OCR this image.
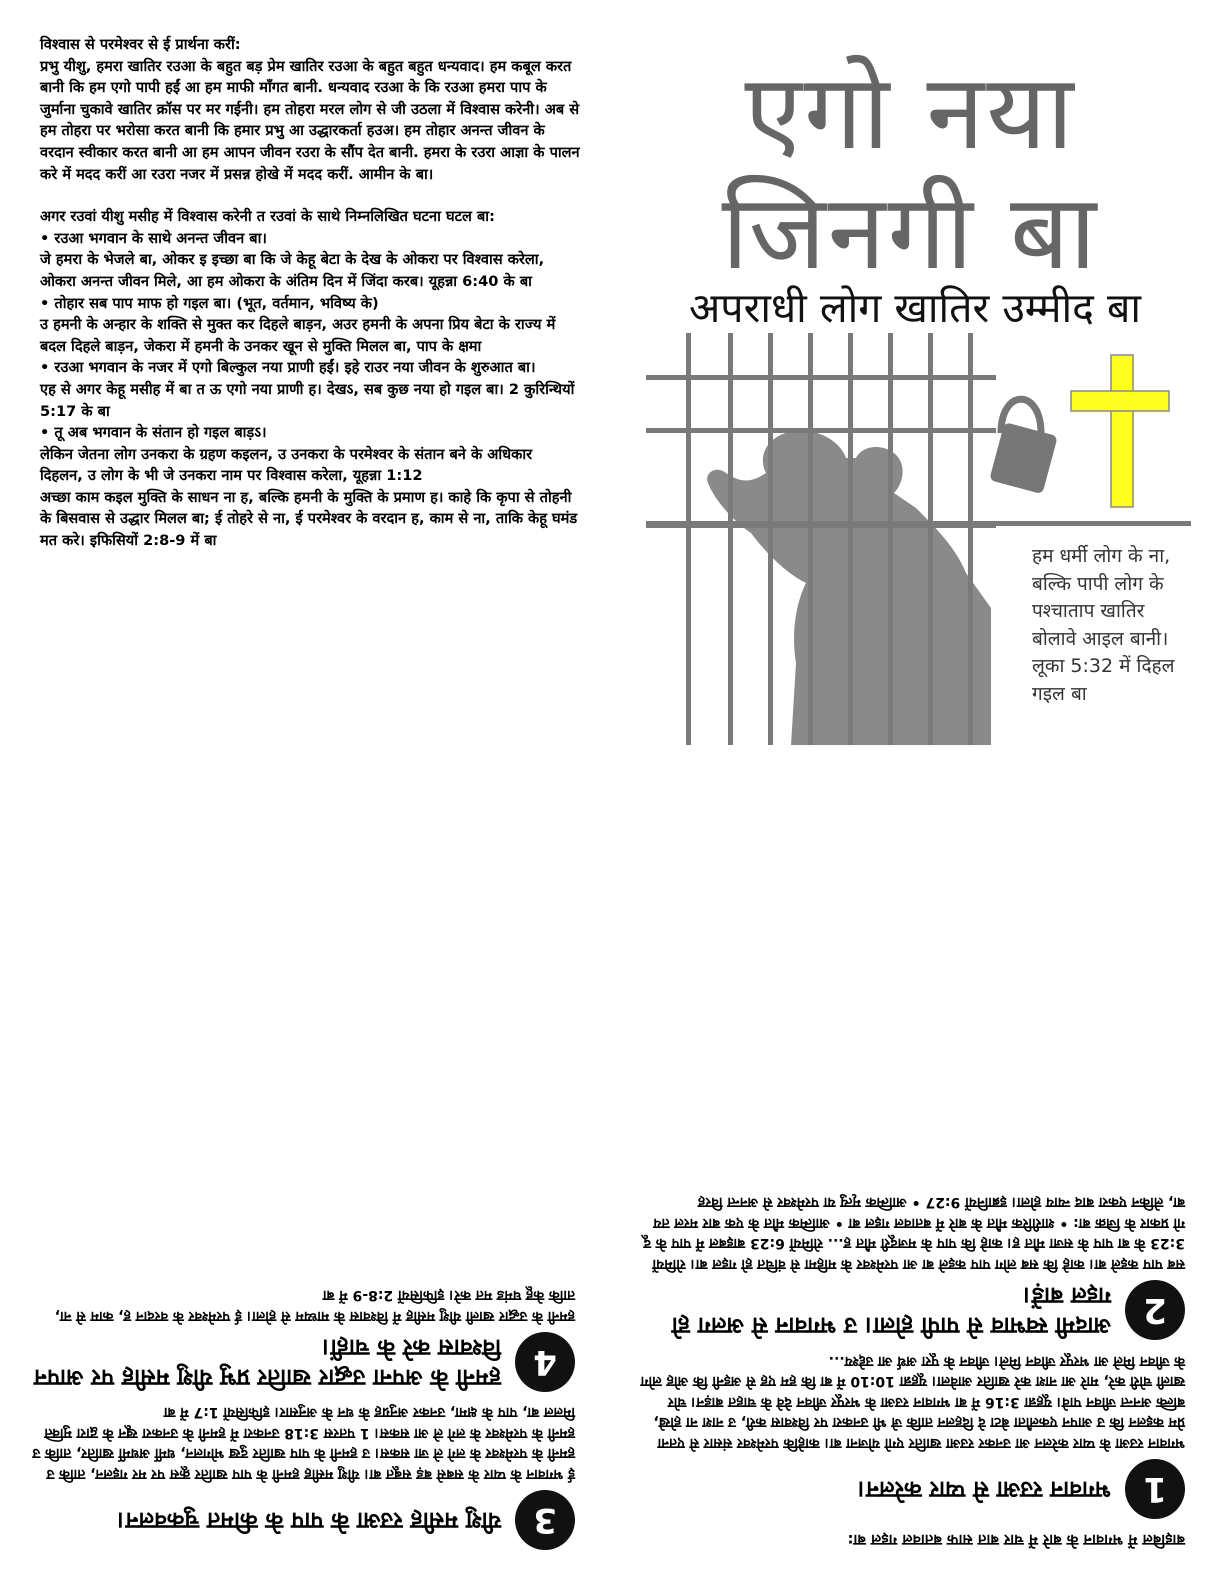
विश्वास से परमेश्वर से ई प्रार्थना करीं:

प्रभु यीशु, हमरा खातिर रउआ के बहुत बड़ प्रेम खातिर रउआ के बहुत बहुत धन्यवाद। हम कबूल करत बानी कि हम एगो पापी हईं आ हम माफी माँगत बानी. धन्यवाद रउआ के कि रउआ हमरा पाप के जुर्माना चुकावे खातिर क्रॉस पर मर गईनी। हम तोहरा मरल लोग से जी उठला में विश्वास करेनी। अब से हम तोहरा पर भरोसा करत बानी कि हमार प्रभु आ उद्धारकर्ता हउअ। हम तोहार अनन्त जीवन के वरदान स्वीकार करत बानी आ हम आपन जीवन रउरा के सौंप देत बानी. हमरा के रउरा आज्ञा के पालन करे में मदद करीं आ रउरा नजर में प्रसन्न होखे में मदद करीं. आमीन के बा।

अगर रउवां यीशु मसीह में विश्वास करेनी त रउवां के साथे निम्नलिखित घटना घटल बा:

• रउआ भगवान के साथे अनन्त जीवन बा।

जे हमरा के भेजले बा, ओकर इ इच्छा बा कि जे केहू बेटा के देख के ओकरा पर विश्वास करेला, ओकरा अनन्त जीवन मिले, आ हम ओकरा के अंतिम दिन में जिंदा करब। यूहन्ना 6:40 के बा

• तोहार सब पाप माफ हो गइल बा। (भूत, वर्तमान, भविष्य के)

उ हमनी के अन्हार के शक्ति से मुक्त कर दिहले बाड़न, अउर हमनी के अपना प्रिय बेटा के राज्य में बदल दिहले बाड़न, जेकरा में हमनी के उनकर खून से मुक्ति मिलल बा, पाप के क्षमा

• रउआ भगवान के नजर में एगो बिल्कुल नया प्राणी हईं। इहे राउर नया जीवन के शुरुआत बा।

एह से अगर केहू मसीह में बा त ऊ एगो नया प्राणी ह। देखऽ, सब कुछ नया हो गइल बा। 2 कुरिन्थियों 5:17 के बा

• तू अब भगवान के संतान हो गइल बाड़ऽ।

लेकिन जेतना लोग उनकरा के ग्रहण कइलन, उ उनकरा के परमेश्वर के संतान बने के अधिकार दिहलन, उ लोग के भी जे उनकरा नाम पर विश्वास करेला, यूहन्ना 1:12

अच्छा काम कइल मुक्ति के साधन ना ह, बल्कि हमनी के मुक्ति के प्रमाण ह। काहे कि कृपा से तोहनी के बिसवास से उद्धार मिलल बा; ई तोहरे से ना, ई परमेश्वर के वरदान ह, काम से ना, ताकि केहू घमंड मत करे। इफिसियों 2:8-9 में बा

एगो नया
जिनगी बा
अपराधी लोग खातिर उम्मीद बा
हम धर्मी लोग के ना, बल्कि पापी लोग के पश्चाताप खातिर बोलावे आइल बानी। लूका 5:32 में दिहल गइल बा

बाइबिल में भगवान के बारे में चार बात साफ बतावल गइल बा:

1
भगवान रउआ से प्यार करेलन।

भगवान रउआ के प्यार करेलन आ उनकर रउआ खातिर एगो योजना बा। काहेकि परमेश्वर संसार से एतना प्रेम कइलन कि उ आपन एकलौता बेटा दे दिहलन ताकि जे भी उनकरा पर विश्वास करी, उ नाश ना होखे, बल्कि अनन्त जीवन पावे। यूहन्ना 3:16 में बा भगवान रउआ के भरपूर जीवन देवे के चाहत बाड़न। चोर खाली चोरी करे, मारे आ नाश करे खातिर आवेला। यूहन्ना 10:10 में बा कि हम एह से अइनी कि ओह लोग के जीवन मिले आ भरपूर जीवन मिले। जीवन के पूरा अर्थ आ उद्देश्य...

2
आदमी स्वभाव से पापी होला। उ भगवान से अलग हो गइल बाड़ें।

सब पाप कइले बा। काहे कि सब लोग पाप कइले बा आ परमेश्वर के महिमा से वंचित हो गइल बा। रोमियों 3:23 के बा पाप के सजा मौत ह। काहे कि पाप के मजदूरी मौत ह... रोमियों 6:23 बाइबल में पाप के दू गो प्रकार के जिक्र बा: • शारीरिक मौत के बारे में बतावल गइल बा • आत्मिक मौत के एक बार मरल तय बा, लेकिन एकरा बाद न्याय होला। इब्रानियों 9:27 • आत्मिक मृत्यु या परमेश्वर से अनन्त विरह

3
यीशु मसीह रउआ के पाप के कीमत चुकवलन।

ई भगवान के प्यार के सबसे बड़ सबूत बा। यीशु मसीह हमनी के पाप खातिर क्रूस पर मर गइलन, ताकि उ हमनी के परमेश्वर के लगे ले जा सकस। उ हमनी के पाप खातिर दुख भोगलन, धर्मी अधर्मी खातिर, ताकि उ हमनी के परमेश्वर के लगे ले आ सकस। 1 पतरस 3:18 उनकरा में हमनी के उनकरा खून के द्वारा मुक्ति मिलल बा, पाप के क्षमा, उनकर अनुग्रह के धन के अनुसार। इफिसियों 1:7 में बा

4
हमनी के अपना उद्धार खातिर प्रभु यीशु मसीह पर आपन विश्वास करे के चाहीं।

हमनी के उद्धार खाली यीशु मसीह में विश्वास के माध्यम से होला। ई परमेश्वर के वरदान ह, काम से ना, ताकि केहू घमंड मत करे। इफिसियों 2:8-9 में बा
